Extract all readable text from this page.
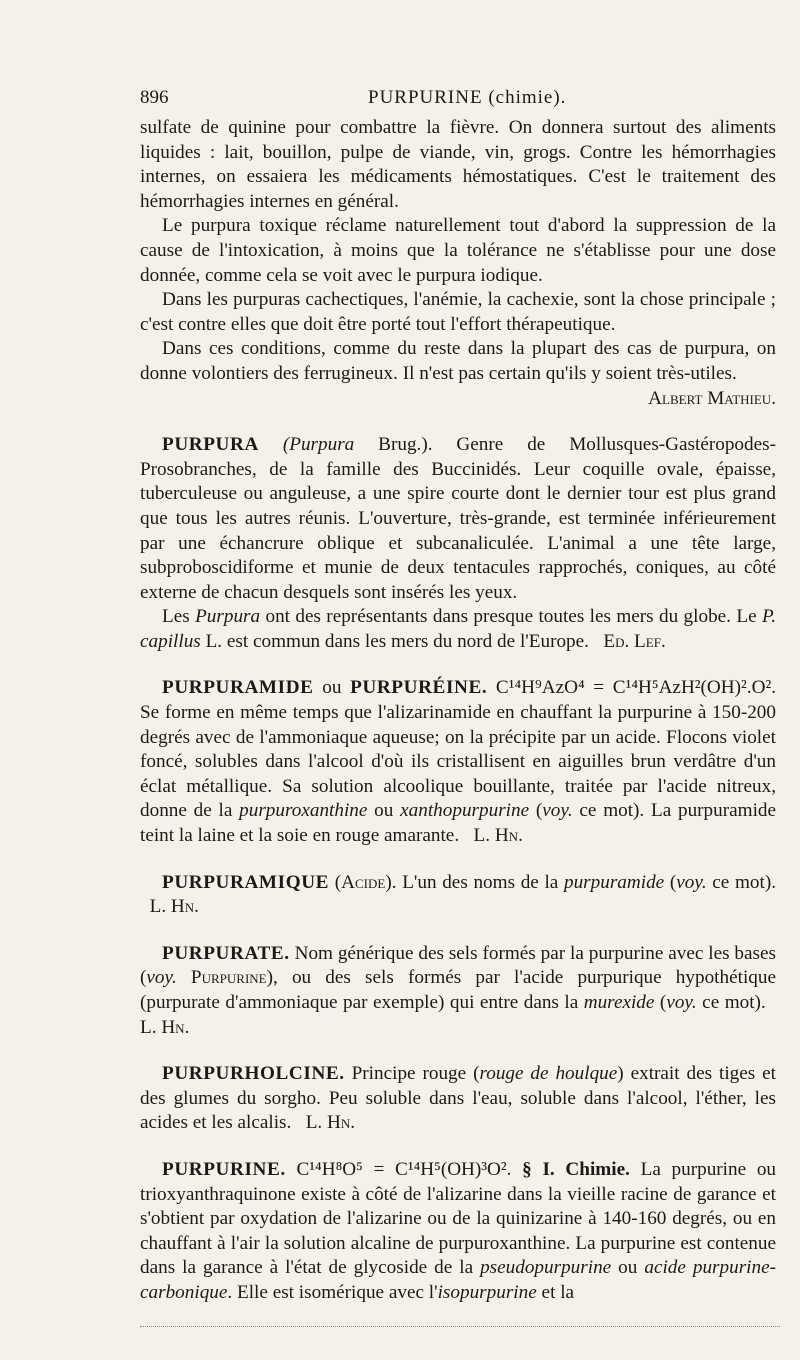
896	PURPURINE (chimie).

sulfate de quinine pour combattre la fièvre. On donnera surtout des aliments liquides : lait, bouillon, pulpe de viande, vin, grogs. Contre les hémorrhagies internes, on essaiera les médicaments hémostatiques. C'est le traitement des hémorrhagies internes en général.

Le purpura toxique réclame naturellement tout d'abord la suppression de la cause de l'intoxication, à moins que la tolérance ne s'établisse pour une dose donnée, comme cela se voit avec le purpura iodique.

Dans les purpuras cachectiques, l'anémie, la cachexie, sont la chose principale ; c'est contre elles que doit être porté tout l'effort thérapeutique.

Dans ces conditions, comme du reste dans la plupart des cas de purpura, on donne volontiers des ferrugineux. Il n'est pas certain qu'ils y soient très-utiles.

Albert Mathieu.

PURPURA (Purpura Brug.). Genre de Mollusques-Gastéropodes-Prosobranches, de la famille des Buccinidés. Leur coquille ovale, épaisse, tuberculeuse ou anguleuse, a une spire courte dont le dernier tour est plus grand que tous les autres réunis. L'ouverture, très-grande, est terminée inférieurement par une échancrure oblique et subcanaliculée. L'animal a une tête large, subproboscidiforme et munie de deux tentacules rapprochés, coniques, au côté externe de chacun desquels sont insérés les yeux.

Les Purpura ont des représentants dans presque toutes les mers du globe. Le P. capillus L. est commun dans les mers du nord de l'Europe. Ed. Lef.

PURPURAMIDE ou PURPURÉINE. C¹⁴H⁹AzO⁴ = C¹⁴H⁵AzH²(OH)².O². Se forme en même temps que l'alizarinamide en chauffant la purpurine à 150-200 degrés avec de l'ammoniaque aqueuse; on la précipite par un acide. Flocons violet foncé, solubles dans l'alcool d'où ils cristallisent en aiguilles brun verdâtre d'un éclat métallique. Sa solution alcoolique bouillante, traitée par l'acide nitreux, donne de la purpuroxanthine ou xanthopurpurine (voy. ce mot). La purpuramide teint la laine et la soie en rouge amarante. L. Hn.

PURPURAMIQUE (Acide). L'un des noms de la purpuramide (voy. ce mot).   L. Hn.

PURPURATE. Nom générique des sels formés par la purpurine avec les bases (voy. Purpurine), ou des sels formés par l'acide purpurique hypothétique (purpurate d'ammoniaque par exemple) qui entre dans la murexide (voy. ce mot).   L. Hn.

PURPURHOLCINE. Principe rouge (rouge de houlque) extrait des tiges et des glumes du sorgho. Peu soluble dans l'eau, soluble dans l'alcool, l'éther, les acides et les alcalis. L. Hn.

PURPURINE. C¹⁴H⁸O⁵ = C¹⁴H⁵(OH)³O². § I. Chimie. La purpurine ou trioxyanthraquinone existe à côté de l'alizarine dans la vieille racine de garance et s'obtient par oxydation de l'alizarine ou de la quinizarine à 140-160 degrés, ou en chauffant à l'air la solution alcaline de purpuroxanthine. La purpurine est contenue dans la garance à l'état de glycoside de la pseudopurpurine ou acide purpurine-carbonique. Elle est isomérique avec l'isopurpurine et la
